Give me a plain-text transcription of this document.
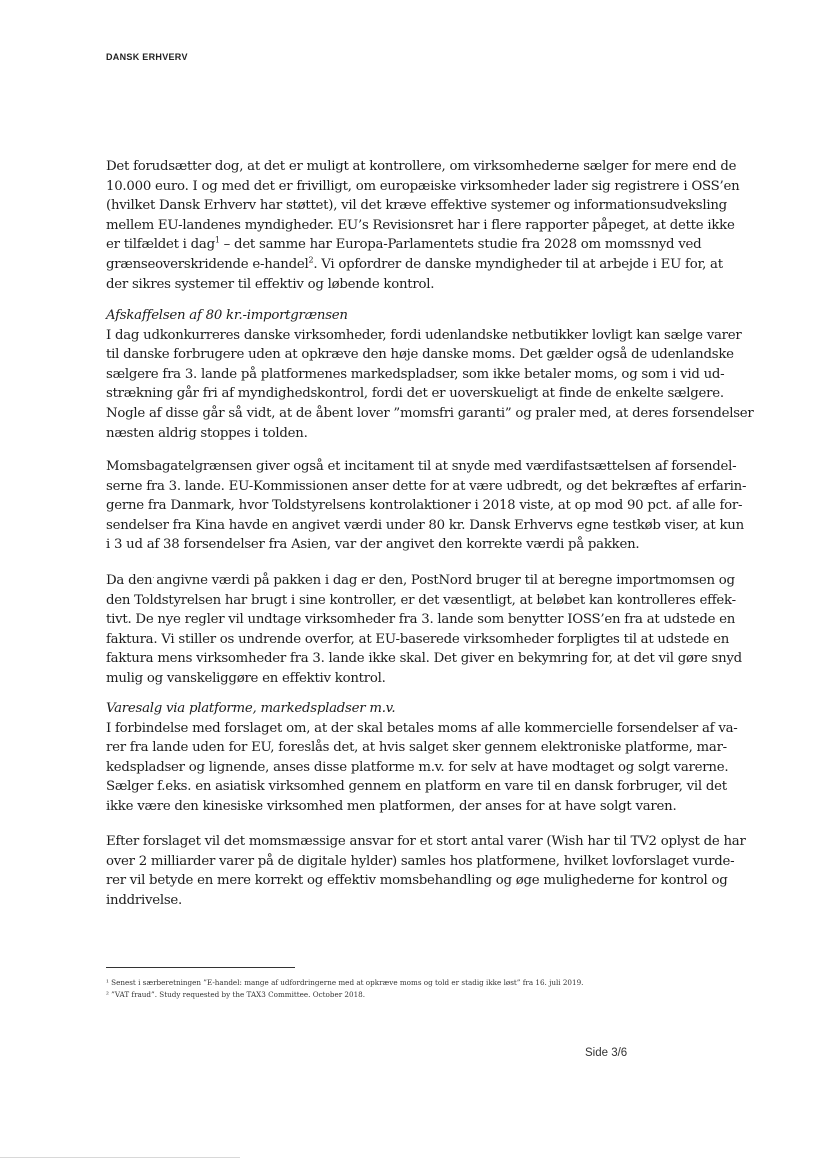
DANSK ERHVERV
Det forudsætter dog, at det er muligt at kontrollere, om virksomhederne sælger for mere end de
10.000 euro. I og med det er frivilligt, om europæiske virksomheder lader sig registrere i OSS’en
(hvilket Dansk Erhverv har støttet), vil det kræve effektive systemer og informationsudveksling
mellem EU-landenes myndigheder. EU’s Revisionsret har i flere rapporter påpeget, at dette ikke
er tilfældet i dag$^1$ – det samme har Europa-Parlamentets studie fra 2028 om momssnyd ved
grænseoverskridende e-handel$^2$. Vi opfordrer de danske myndigheder til at arbejde i EU for, at
der sikres systemer til effektiv og løbende kontrol.
Afskaffelsen af 80 kr.-importgrænsen
I dag udkonkurreres danske virksomheder, fordi udenlandske netbutikker lovligt kan sælge varer
til danske forbrugere uden at opkræve den høje danske moms. Det gælder også de udenlandske
sælgere fra 3. lande på platformenes markedspladser, som ikke betaler moms, og som i vid ud-
strækning går fri af myndighedskontrol, fordi det er uoverskueligt at finde de enkelte sælgere.
Nogle af disse går så vidt, at de åbent lover ”momsfri garanti” og praler med, at deres forsendelser
næsten aldrig stoppes i tolden.
Momsbagatelgrænsen giver også et incitament til at snyde med værdifastsættelsen af forsendel-
serne fra 3. lande. EU-Kommissionen anser dette for at være udbredt, og det bekræftes af erfarin-
gerne fra Danmark, hvor Toldstyrelsens kontrolaktioner i 2018 viste, at op mod 90 pct. af alle for-
sendelser fra Kina havde en angivet værdi under 80 kr. Dansk Erhvervs egne testkøb viser, at kun
i 3 ud af 38 forsendelser fra Asien, var der angivet den korrekte værdi på pakken.
Da den angivne værdi på pakken i dag er den, PostNord bruger til at beregne importmomsen og
den Toldstyrelsen har brugt i sine kontroller, er det væsentligt, at beløbet kan kontrolleres effek-
tivt. De nye regler vil undtage virksomheder fra 3. lande som benytter IOSS’en fra at udstede en
faktura. Vi stiller os undrende overfor, at EU-baserede virksomheder forpligtes til at udstede en
faktura mens virksomheder fra 3. lande ikke skal. Det giver en bekymring for, at det vil gøre snyd
mulig og vanskeliggøre en effektiv kontrol.
Varesalg via platforme, markedspladser m.v.
I forbindelse med forslaget om, at der skal betales moms af alle kommercielle forsendelser af va-
rer fra lande uden for EU, foreslås det, at hvis salget sker gennem elektroniske platforme, mar-
kedspladser og lignende, anses disse platforme m.v. for selv at have modtaget og solgt varerne.
Sælger f.eks. en asiatisk virksomhed gennem en platform en vare til en dansk forbruger, vil det
ikke være den kinesiske virksomhed men platformen, der anses for at have solgt varen.
Efter forslaget vil det momsmæssige ansvar for et stort antal varer (Wish har til TV2 oplyst de har
over 2 milliarder varer på de digitale hylder) samles hos platformene, hvilket lovforslaget vurde-
rer vil betyde en mere korrekt og effektiv momsbehandling og øge mulighederne for kontrol og
inddrivelse.
¹ Senest i særberetningen ”E-handel: mange af udfordringerne med at opkræve moms og told er stadig ikke løst” fra 16. juli 2019.
² ”VAT fraud”. Study requested by the TAX3 Committee. October 2018.
Side 3/6
